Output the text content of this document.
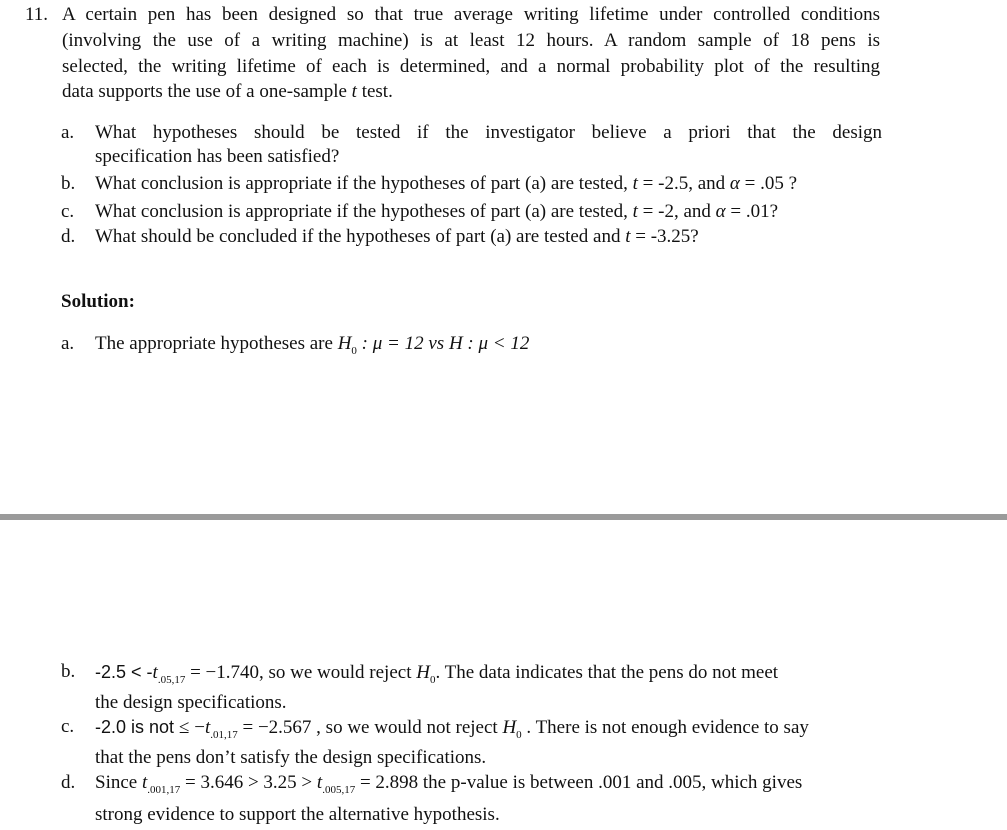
11. A certain pen has been designed so that true average writing lifetime under controlled conditions
(involving the use of a writing machine) is at least 12 hours. A random sample of 18 pens is
selected, the writing lifetime of each is determined, and a normal probability plot of the resulting
data supports the use of a one-sample t test.
a. What hypotheses should be tested if the investigator believe a priori that the design
specification has been satisfied?
b. What conclusion is appropriate if the hypotheses of part (a) are tested, t = -2.5, and α = .05 ?
c. What conclusion is appropriate if the hypotheses of part (a) are tested, t = -2, and α = .01?
d. What should be concluded if the hypotheses of part (a) are tested and t = -3.25?
Solution:
a. The appropriate hypotheses are $H_0$ : μ = 12 vs H : μ < 12
b. $-2.5 < -t_{.05,17} = -1.740$, so we would reject $H_0$. The data indicates that the pens do not meet
the design specifications.
c. -2.0 is not ≤ $-t_{.01,17} = -2.567$ , so we would not reject $H_0$ . There is not enough evidence to say
that the pens don’t satisfy the design specifications.
d. Since $t_{.001,17} = 3.646 > 3.25 > t_{.005,17} = 2.898$ the p-value is between .001 and .005, which gives
strong evidence to support the alternative hypothesis.
